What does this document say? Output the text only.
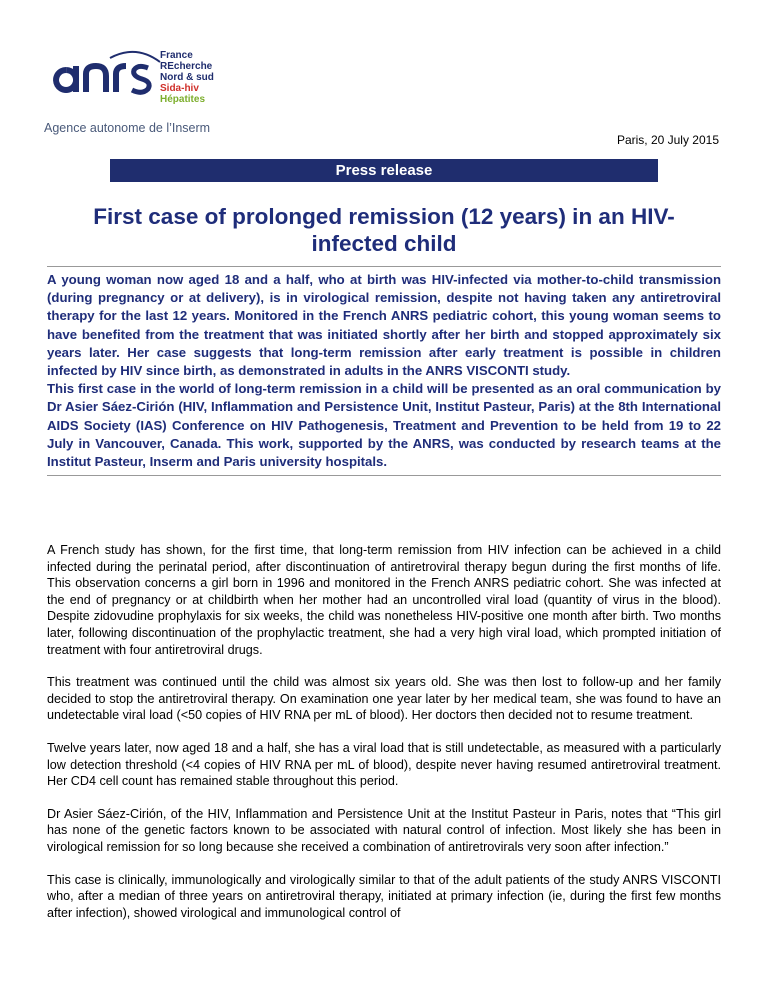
France
REcherche
Nord & sud
Sida-hiv
Hépatites
Agence autonome de l’Inserm
Paris, 20 July 2015
Press release
First case of prolonged remission (12 years) in an HIV-infected child

A young woman now aged 18 and a half, who at birth was HIV-infected via mother-to-child transmission (during pregnancy or at delivery), is in virological remission, despite not having taken any antiretroviral therapy for the last 12 years. Monitored in the French ANRS pediatric cohort, this young woman seems to have benefited from the treatment that was initiated shortly after her birth and stopped approximately six years later. Her case suggests that long-term remission after early treatment is possible in children infected by HIV since birth, as demonstrated in adults in the ANRS VISCONTI study.

This first case in the world of long-term remission in a child will be presented as an oral communication by Dr Asier Sáez-Cirión (HIV, Inflammation and Persistence Unit, Institut Pasteur, Paris) at the 8th International AIDS Society (IAS) Conference on HIV Pathogenesis, Treatment and Prevention to be held from 19 to 22 July in Vancouver, Canada. This work, supported by the ANRS, was conducted by research teams at the Institut Pasteur, Inserm and Paris university hospitals.

A French study has shown, for the first time, that long-term remission from HIV infection can be achieved in a child infected during the perinatal period, after discontinuation of antiretroviral therapy begun during the first months of life. This observation concerns a girl born in 1996 and monitored in the French ANRS pediatric cohort. She was infected at the end of pregnancy or at childbirth when her mother had an uncontrolled viral load (quantity of virus in the blood). Despite zidovudine prophylaxis for six weeks, the child was nonetheless HIV-positive one month after birth. Two months later, following discontinuation of the prophylactic treatment, she had a very high viral load, which prompted initiation of treatment with four antiretroviral drugs.

This treatment was continued until the child was almost six years old. She was then lost to follow-up and her family decided to stop the antiretroviral therapy. On examination one year later by her medical team, she was found to have an undetectable viral load (<50 copies of HIV RNA per mL of blood). Her doctors then decided not to resume treatment.

Twelve years later, now aged 18 and a half, she has a viral load that is still undetectable, as measured with a particularly low detection threshold (<4 copies of HIV RNA per mL of blood), despite never having resumed antiretroviral treatment. Her CD4 cell count has remained stable throughout this period.

Dr Asier Sáez-Cirión, of the HIV, Inflammation and Persistence Unit at the Institut Pasteur in Paris, notes that “This girl has none of the genetic factors known to be associated with natural control of infection. Most likely she has been in virological remission for so long because she received a combination of antiretrovirals very soon after infection.”

This case is clinically, immunologically and virologically similar to that of the adult patients of the study ANRS VISCONTI who, after a median of three years on antiretroviral therapy, initiated at primary infection (ie, during the first few months after infection), showed virological and immunological control of
